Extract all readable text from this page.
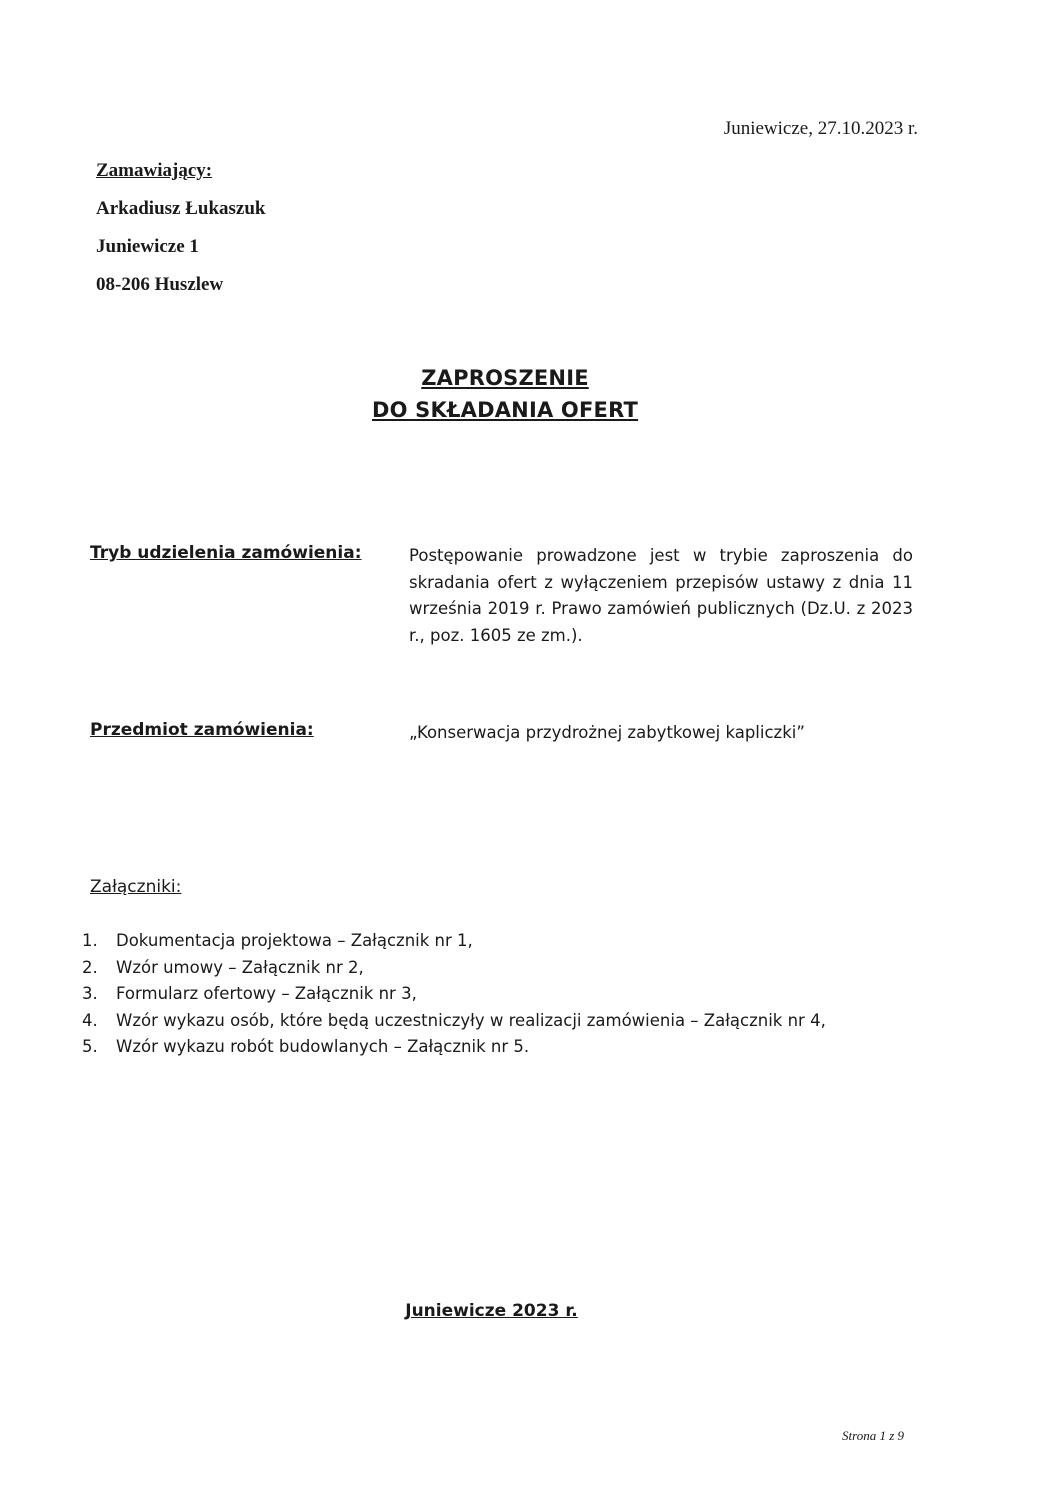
Juniewicze, 27.10.2023 r.
Zamawiający:
Arkadiusz Łukaszuk
Juniewicze 1
08-206 Huszlew
ZAPROSZENIE
DO SKŁADANIA OFERT
Tryb udzielenia zamówienia:	Postępowanie prowadzone jest w trybie zaproszenia do skradania ofert z wyłączeniem przepisów ustawy z dnia 11 września 2019 r. Prawo zamówień publicznych (Dz.U. z 2023 r., poz. 1605 ze zm.).
Przedmiot zamówienia:	„Konserwacja przydrożnej zabytkowej kapliczki”
Załączniki:
1.	Dokumentacja projektowa – Załącznik nr 1,
2.	Wzór umowy – Załącznik nr 2,
3.	Formularz ofertowy – Załącznik nr 3,
4.	Wzór wykazu osób, które będą uczestniczyły w realizacji zamówienia – Załącznik nr 4,
5.	Wzór wykazu robót budowlanych – Załącznik nr 5.
Juniewicze 2023 r.
Strona 1 z 9
